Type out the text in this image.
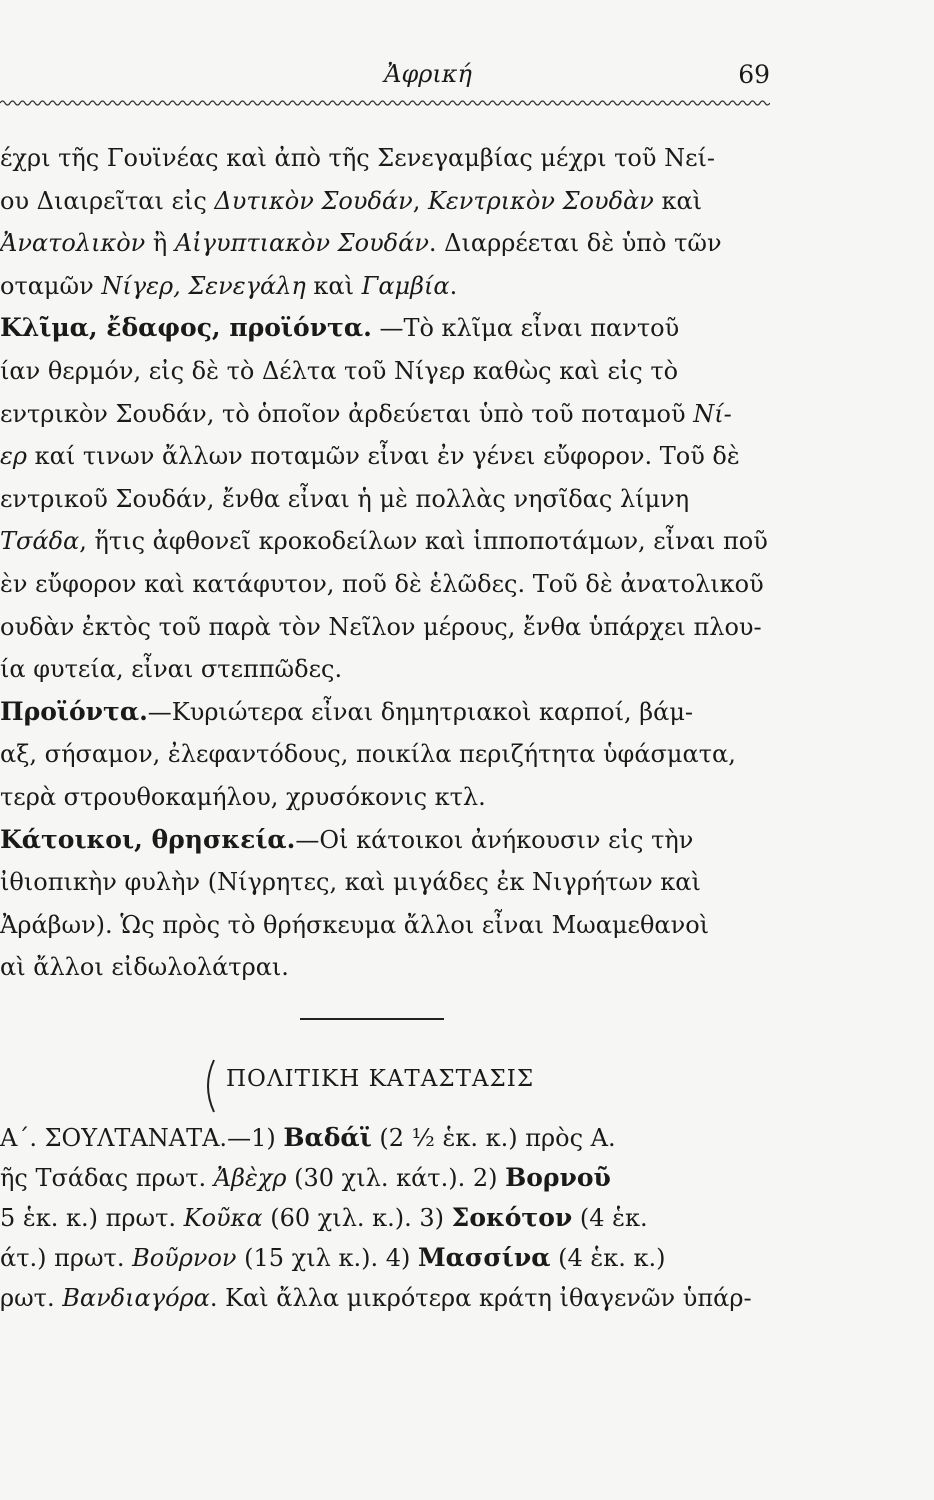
Ἀφρική	69
έχρι τῆς Γουϊνέας καὶ ἀπὸ τῆς Σενεγαμβίας μέχρι τοῦ Νεί-
ου Διαιρεῖται εἰς Δυτικὸν Σουδάν, Κεντρικὸν Σουδὰν καὶ
Ἀνατολικὸν ἢ Αἰγυπτιακὸν Σουδάν. Διαρρέεται δὲ ὑπὸ τῶν
οταμῶν Νίγερ, Σενεγάλη καὶ Γαμβία.
Κλῖμα, ἔδαφος, προϊόντα. —Τὸ κλῖμα εἶναι παντοῦ
ίαν θερμόν, εἰς δὲ τὸ Δέλτα τοῦ Νίγερ καθὼς καὶ εἰς τὸ
εντρικὸν Σουδάν, τὸ ὁποῖον ἀρδεύεται ὑπὸ τοῦ ποταμοῦ Νί-
ερ καί τινων ἄλλων ποταμῶν εἶναι ἐν γένει εὔφορον. Τοῦ δὲ
εντρικοῦ Σουδάν, ἔνθα εἶναι ἡ μὲ πολλὰς νησῖδας λίμνη
Τσάδα, ἥτις ἀφθονεῖ κροκοδείλων καὶ ἱπποποτάμων, εἶναι ποῦ
ὲν εὔφορον καὶ κατάφυτον, ποῦ δὲ ἑλῶδες. Τοῦ δὲ ἀνατολικοῦ
ουδὰν ἐκτὸς τοῦ παρὰ τὸν Νεῖλον μέρους, ἔνθα ὑπάρχει πλου-
ία φυτεία, εἶναι στεππῶδες.
Προϊόντα.—Κυριώτερα εἶναι δημητριακοὶ καρποί, βάμ-
αξ, σήσαμον, ἐλεφαντόδους, ποικίλα περιζήτητα ὑφάσματα,
τερὰ στρουθοκαμήλου, χρυσόκονις κτλ.
Κάτοικοι, θρησκεία.—Οἱ κάτοικοι ἀνήκουσιν εἰς τὴν
ἰθιοπικὴν φυλὴν (Νίγρητες, καὶ μιγάδες ἐκ Νιγρήτων καὶ
Ἀράβων). Ὡς πρὸς τὸ θρήσκευμα ἄλλοι εἶναι Μωαμεθανοὶ
αὶ ἄλλοι εἰδωλολάτραι.
ΠΟΛΙΤΙΚΗ ΚΑΤΑΣΤΑΣΙΣ
Α΄. ΣΟΥΛΤΑΝΑΤΑ.—1) Βαδάϊ (2 ½ ἑκ. κ.) πρὸς Α.
ῆς Τσάδας πρωτ. Ἀβὲχρ (30 χιλ. κάτ.). 2) Βορνοῦ
5 ἑκ. κ.) πρωτ. Κοῦκα (60 χιλ. κ.). 3) Σοκότον (4 ἑκ.
άτ.) πρωτ. Βοῦρνον (15 χιλ κ.). 4) Μασσίνα (4 ἑκ. κ.)
ρωτ. Βανδιαγόρα. Καὶ ἄλλα μικρότερα κράτη ἰθαγενῶν ὑπάρ-
